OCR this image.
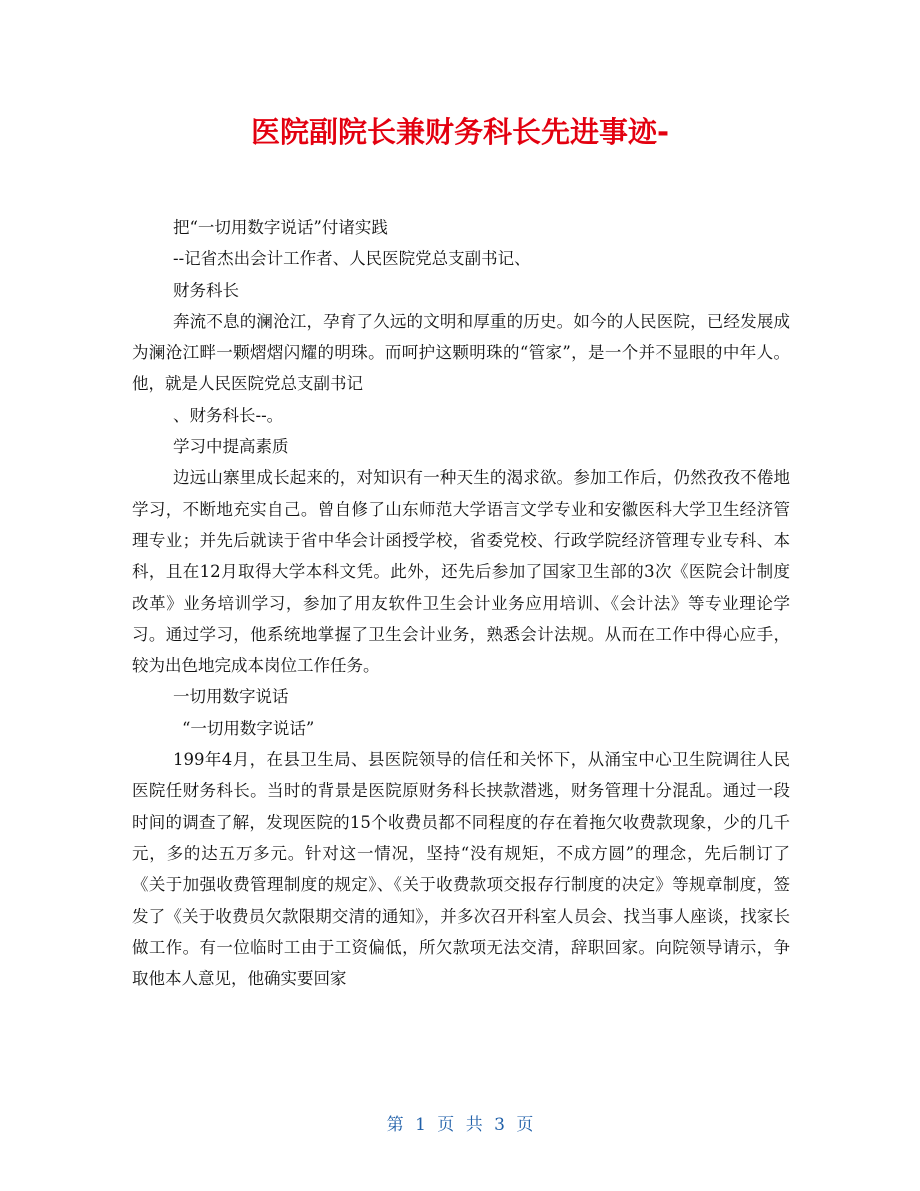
医院副院长兼财务科长先进事迹-

把“一切用数字说话”付诸实践

--记省杰出会计工作者、人民医院党总支副书记、

财务科长

奔流不息的澜沧江，孕育了久远的文明和厚重的历史。如今的人民医院，已经发展成为澜沧江畔一颗熠熠闪耀的明珠。而呵护这颗明珠的“管家”，是一个并不显眼的中年人。他，就是人民医院党总支副书记

、财务科长--。

学习中提高素质

边远山寨里成长起来的，对知识有一种天生的渴求欲。参加工作后，仍然孜孜不倦地学习，不断地充实自己。曾自修了山东师范大学语言文学专业和安徽医科大学卫生经济管理专业；并先后就读于省中华会计函授学校，省委党校、行政学院经济管理专业专科、本科，且在12月取得大学本科文凭。此外，还先后参加了国家卫生部的3次《医院会计制度改革》业务培训学习，参加了用友软件卫生会计业务应用培训、《会计法》等专业理论学习。通过学习，他系统地掌握了卫生会计业务，熟悉会计法规。从而在工作中得心应手，较为出色地完成本岗位工作任务。

一切用数字说话

“一切用数字说话”

199年4月，在县卫生局、县医院领导的信任和关怀下，从涌宝中心卫生院调往人民医院任财务科长。当时的背景是医院原财务科长挟款潜逃，财务管理十分混乱。通过一段时间的调查了解，发现医院的15个收费员都不同程度的存在着拖欠收费款现象，少的几千元，多的达五万多元。针对这一情况，坚持“没有规矩，不成方圆”的理念，先后制订了《关于加强收费管理制度的规定》、《关于收费款项交报存行制度的决定》等规章制度，签发了《关于收费员欠款限期交清的通知》，并多次召开科室人员会、找当事人座谈，找家长做工作。有一位临时工由于工资偏低，所欠款项无法交清，辞职回家。向院领导请示，争取他本人意见，他确实要回家

第 1 页 共 3 页
